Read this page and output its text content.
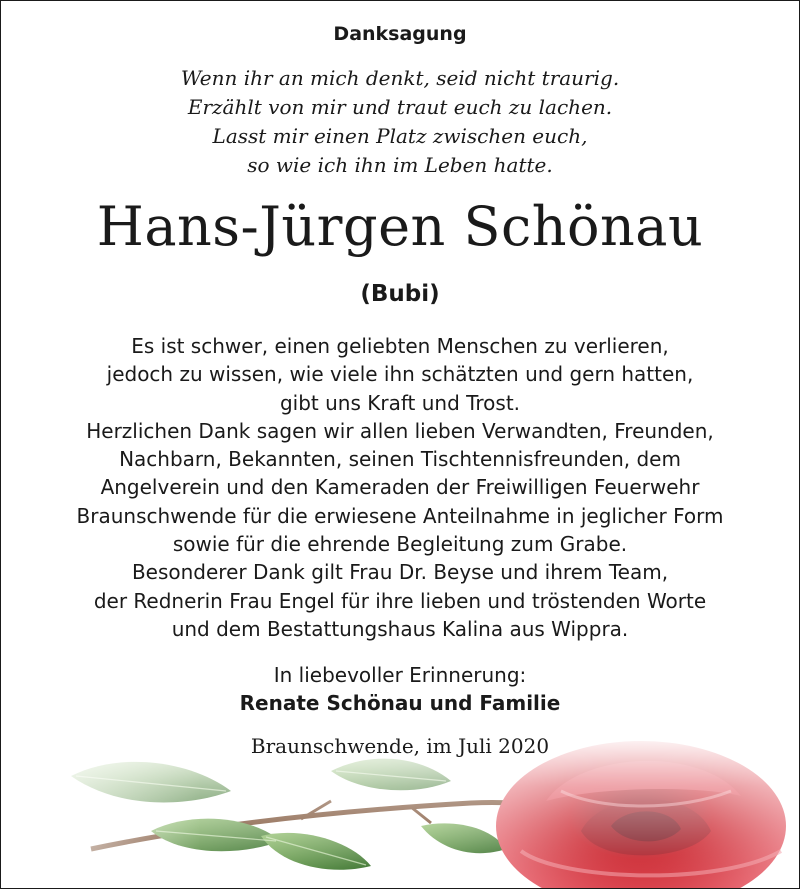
Danksagung
Wenn ihr an mich denkt, seid nicht traurig.
Erzählt von mir und traut euch zu lachen.
Lasst mir einen Platz zwischen euch,
so wie ich ihn im Leben hatte.
Hans-Jürgen Schönau
(Bubi)
Es ist schwer, einen geliebten Menschen zu verlieren,
jedoch zu wissen, wie viele ihn schätzten und gern hatten,
gibt uns Kraft und Trost.
Herzlichen Dank sagen wir allen lieben Verwandten, Freunden,
Nachbarn, Bekannten, seinen Tischtennisfreunden, dem
Angelverein und den Kameraden der Freiwilligen Feuerwehr
Braunschwende für die erwiesene Anteilnahme in jeglicher Form
sowie für die ehrende Begleitung zum Grabe.
Besonderer Dank gilt Frau Dr. Beyse und ihrem Team,
der Rednerin Frau Engel für ihre lieben und tröstenden Worte
und dem Bestattungshaus Kalina aus Wippra.
In liebevoller Erinnerung:
Renate Schönau und Familie
Braunschwende, im Juli 2020
